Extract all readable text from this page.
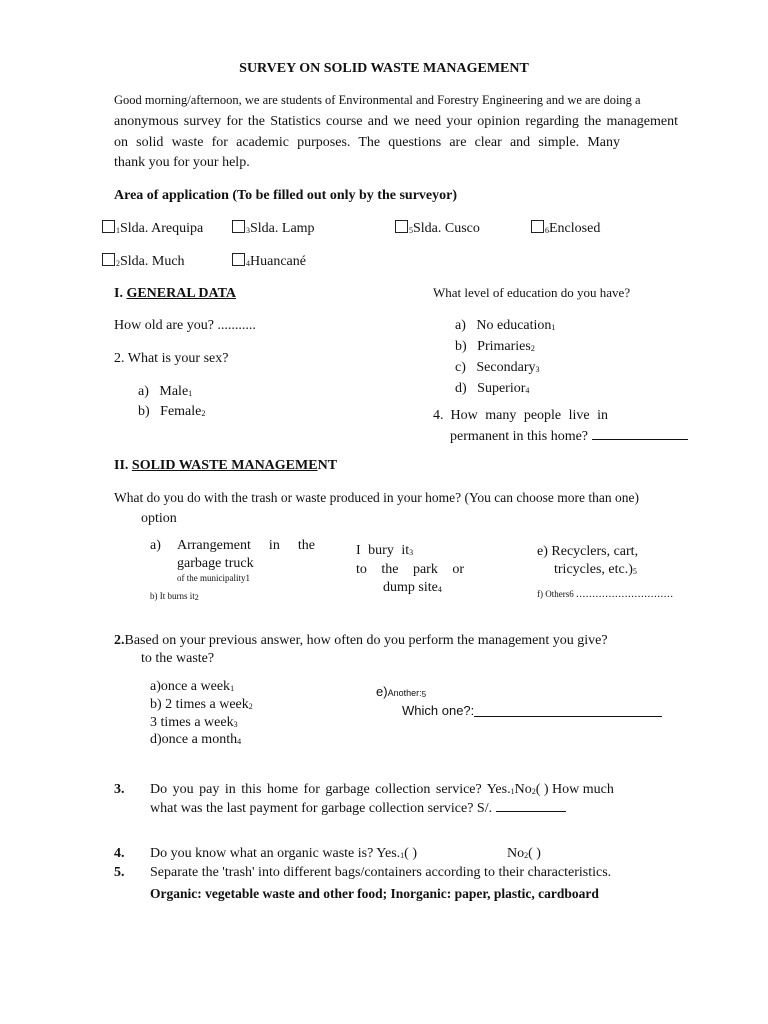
SURVEY ON SOLID WASTE MANAGEMENT
Good morning/afternoon, we are students of Environmental and Forestry Engineering and we are doing a
anonymous survey for the Statistics course and we need your opinion regarding the management
on solid waste for academic purposes. The questions are clear and simple. Many
thank you for your help.
Area of application (To be filled out only by the surveyor)
$_1$Slda. Arequipa	$_3$Slda. Lamp	$_5$Slda. Cusco	$_6$Enclosed
$_2$Slda. Much	$_4$Huancané
I. GENERAL DATA
How old are you? ...........
2. What is your sex?
a) Male$_1$
b) Female$_2$
What level of education do you have?
a) No education$_1$
b) Primaries$_2$
c) Secondary$_3$
d) Superior$_4$
4. How many people live in
permanent in this home?
II. SOLID WASTE MANAGEMENT
What do you do with the trash or waste produced in your home? (You can choose more than one)
option
a) Arrangement in the
garbage truck
of the municipality1
b) It burns $it_2$
I bury $it_3$
to the park or
dump site$_4$
e) Recyclers, cart,
tricycles, $etc.)_5$
f) Others6 ..............................
2.Based on your previous answer, how often do you perform the management you give?
to the waste?
a)once a week$_1$
b) 2 times a week$_2$
3 times a week$_3$
d)once a month$_4$
$e)Another:_5$
Which one?:
3. Do you pay in this home for garbage collection service? $Yes._1No_2$( ) How much
what was the last payment for garbage collection service? S/.
4. Do you know what an organic waste is? $Yes._1$( )	$No_2$( )
5. Separate the 'trash' into different bags/containers according to their characteristics.
Organic: vegetable waste and other food; Inorganic: paper, plastic, cardboard
